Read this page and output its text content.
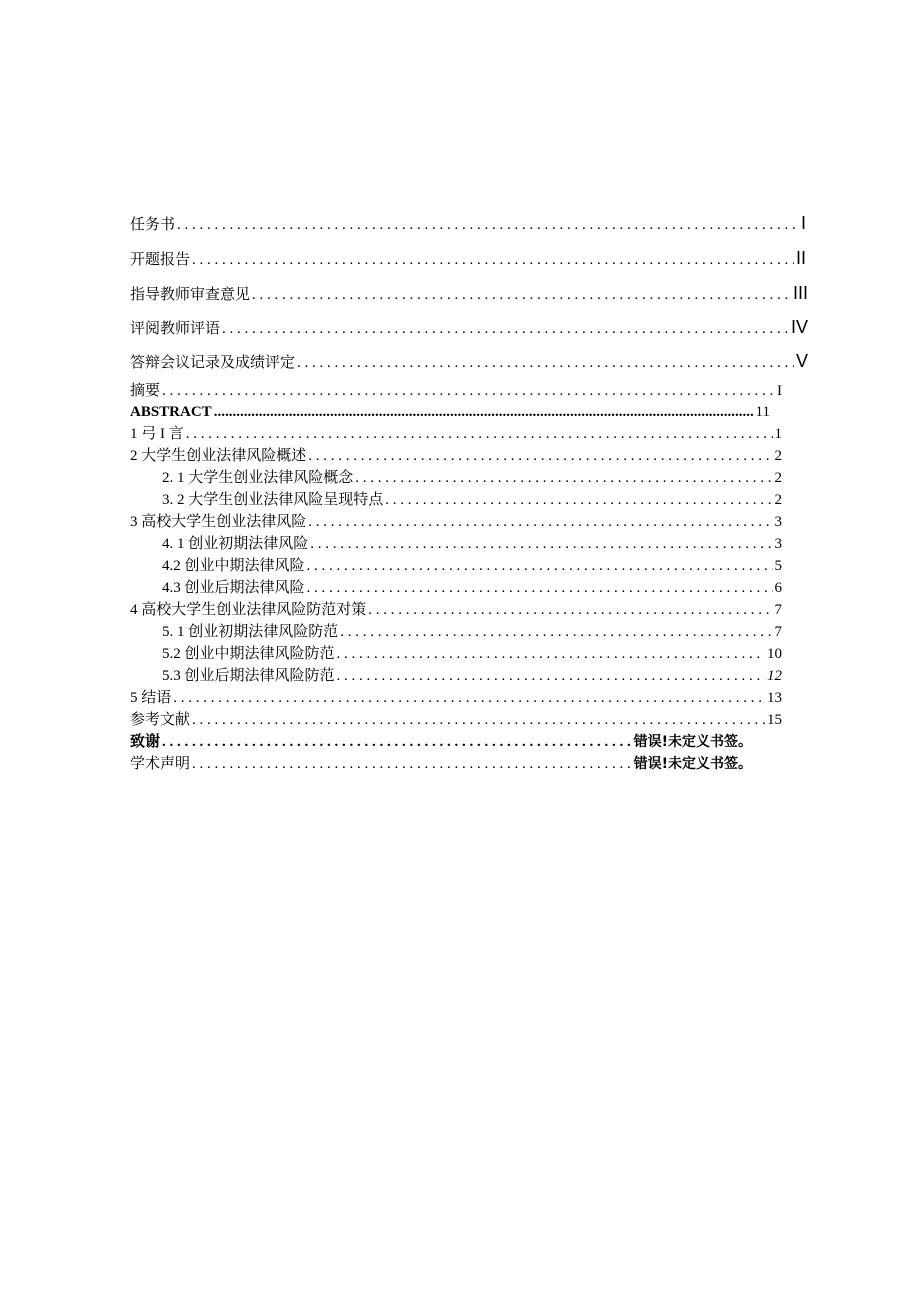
任务书 . . .	I
开题报告 . . .	II
指导教师审查意见 . . .	III
评阅教师评语 . . .	IV
答辩会议记录及成绩评定 . . .	V
摘要 . . .	I
ABSTRACT .....	11
1 弓 I 言 . . .	1
2 大学生创业法律风险概述 . . .	2
2. 1 大学生创业法律风险概念 . . .	2
3. 2 大学生创业法律风险呈现特点 . . .	2
3 高校大学生创业法律风险 . . .	3
4. 1 创业初期法律风险 . . .	3
4.2 创业中期法律风险 . . .	5
4.3 创业后期法律风险 . . .	6
4 高校大学生创业法律风险防范对策 . . .	7
5. 1 创业初期法律风险防范 . . .	7
5.2 创业中期法律风险防范 . . .	10
5.3 创业后期法律风险防范 . . .	12
5 结语 . . .	13
参考文献 . . .	15
致谢 . . .	错误!未定义书签。
学术声明 . . .	错误!未定义书签。
